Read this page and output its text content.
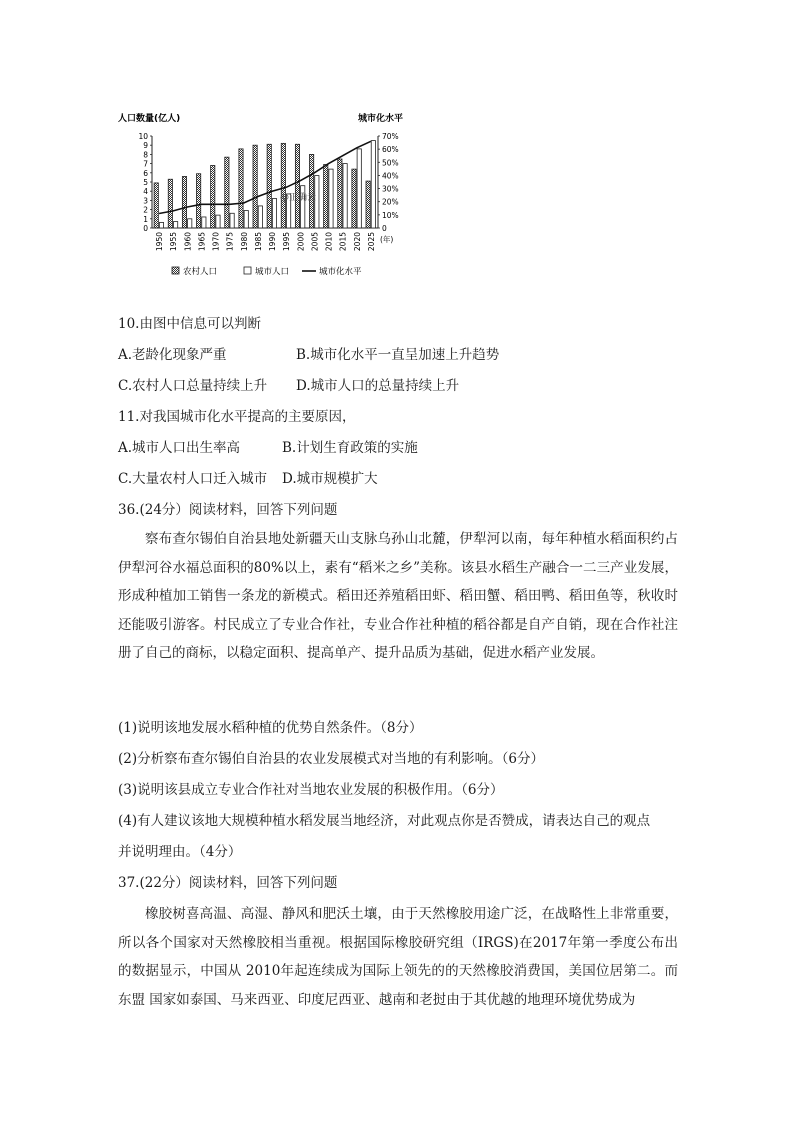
人口数量(亿人)	城市化水平
0
1
2
3
4
5
6
7
8
9
10
0
10%
20%
30%
40%
50%
60%
70%
1950 1955 1960 1965 1970 1975 1980 1985 1990 1995 2000 2005 2010 2015 2020 2025
@正确云
(年)
农村人口	城市人口	城市化水平
10.由图中信息可以判断
A.老龄化现象严重	B.城市化水平一直呈加速上升趋势
C.农村人口总量持续上升 D.城市人口的总量持续上升
11.对我国城市化水平提高的主要原因，
A.城市人口出生率高	B.计划生育政策的实施
C.大量农村人口迁入城市 D.城市规模扩大
36.(24分）阅读材料，回答下列问题

察布查尔锡伯自治县地处新疆天山支脉乌孙山北麓，伊犁河以南，每年种植水稻面积约占伊犁河谷水福总面积的80%以上，素有“稻米之乡”美称。该县水稻生产融合一二三产业发展， 形成种植加工销售一条龙的新模式。稻田还养殖稻田虾、稻田蟹、稻田鸭、稻田鱼等，秋收时 还能吸引游客。村民成立了专业合作社，专业合作社种植的稻谷都是自产自销，现在合作社注册了自己的商标，以稳定面积、提高单产、提升品质为基础，促进水稻产业发展。

(1)说明该地发展水稻种植的优势自然条件。（8分）
(2)分析察布查尔锡伯自治县的农业发展模式对当地的有利影响。（6分）
(3)说明该县成立专业合作社对当地农业发展的积极作用。（6分）
(4)有人建议该地大规模种植水稻发展当地经济，对此观点你是否赞成，请表达自己的观点
并说明理由。（4分）
37.(22分）阅读材料，回答下列问题

橡胶树喜高温、高湿、静风和肥沃土壤，由于天然橡胶用途广泛，在战略性上非常重要，所以各个国家对天然橡胶相当重视。根据国际橡胶研究组（IRGS)在2017年第一季度公布出的数据显示，中国从 2010年起连续成为国际上领先的的天然橡胶消费国，美国位居第二。而东盟 国家如泰国、马来西亚、印度尼西亚、越南和老挝由于其优越的地理环境优势成为
